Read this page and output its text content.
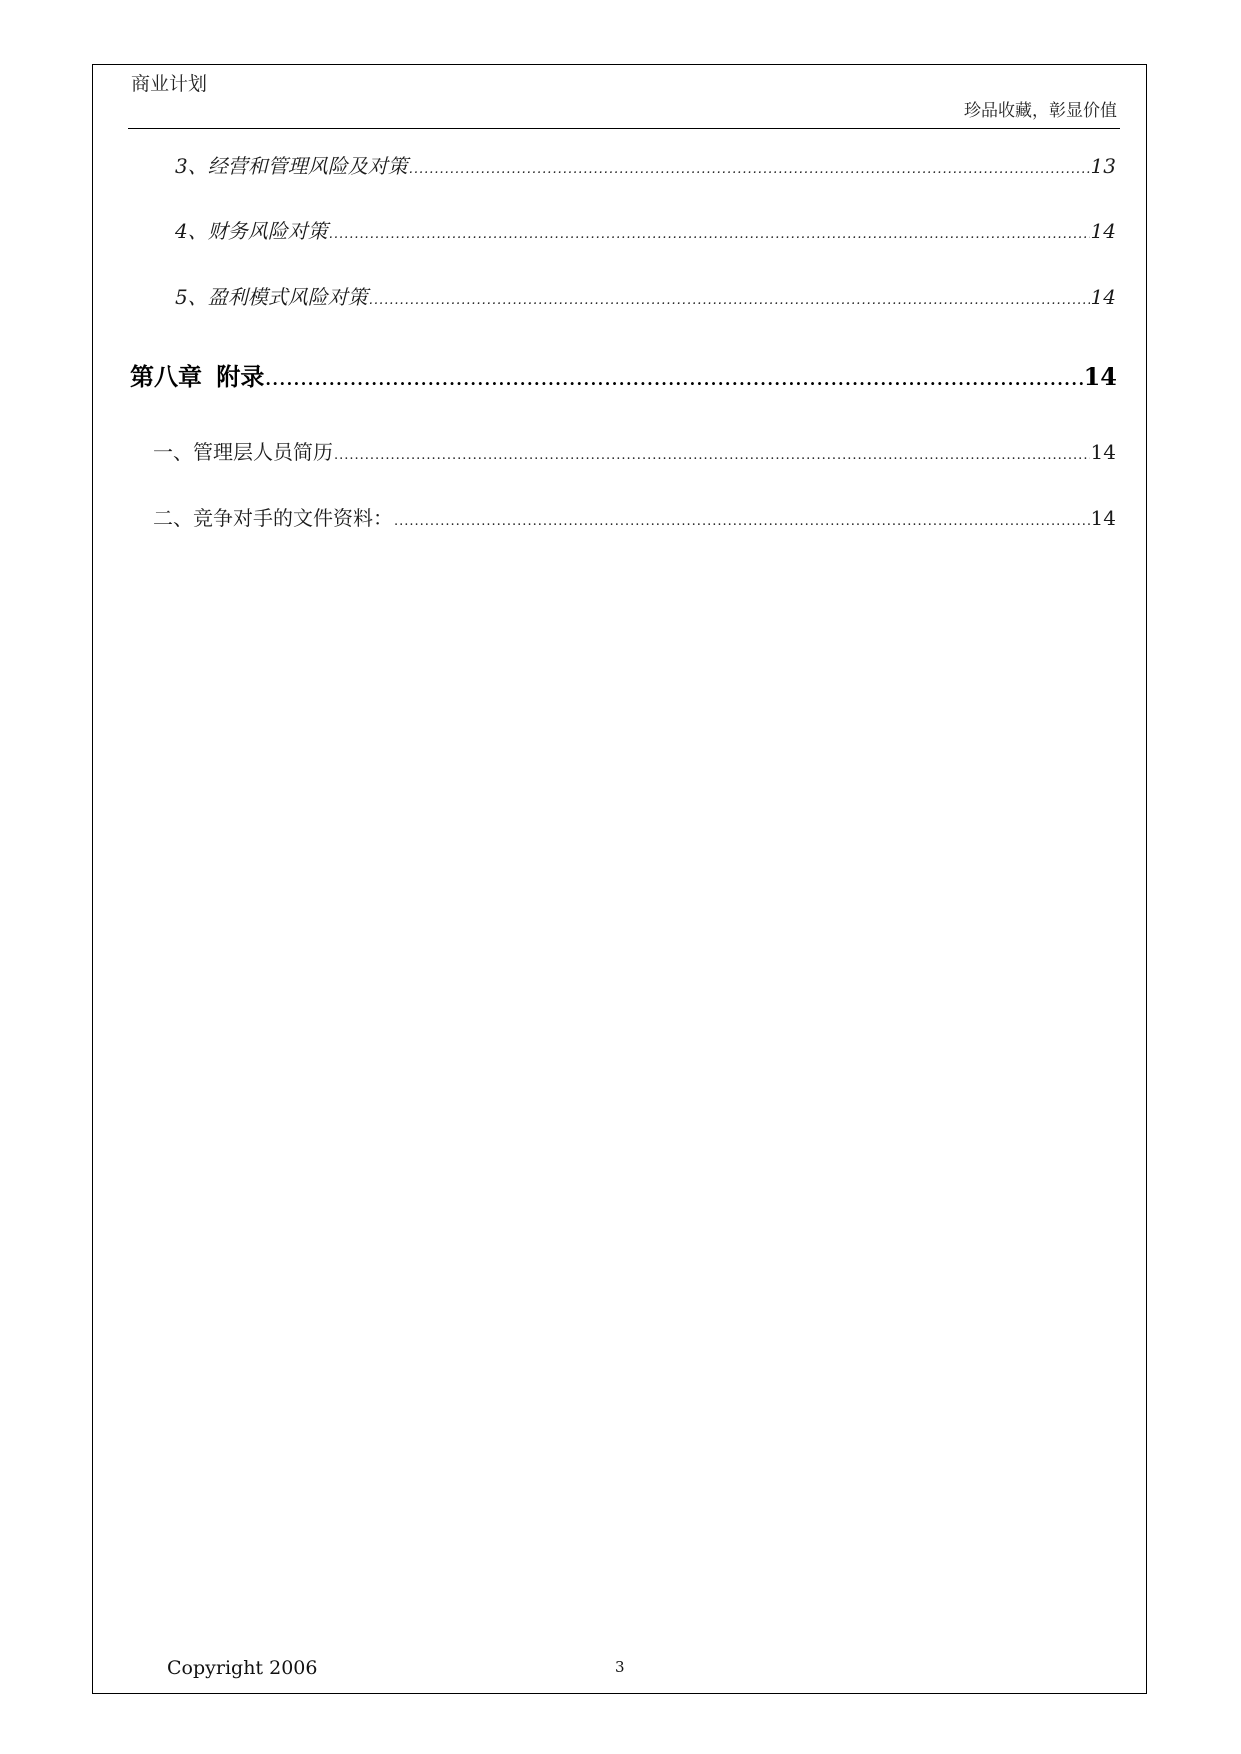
商业计划
珍品收藏，彰显价值
3、经营和管理风险及对策 .....	13
4、财务风险对策 .....	14
5、盈利模式风险对策 .....	14
第八章 附录 .....	14
一、管理层人员简历 .....	14
二、竞争对手的文件资料： .....	14
Copyright 2006	3
